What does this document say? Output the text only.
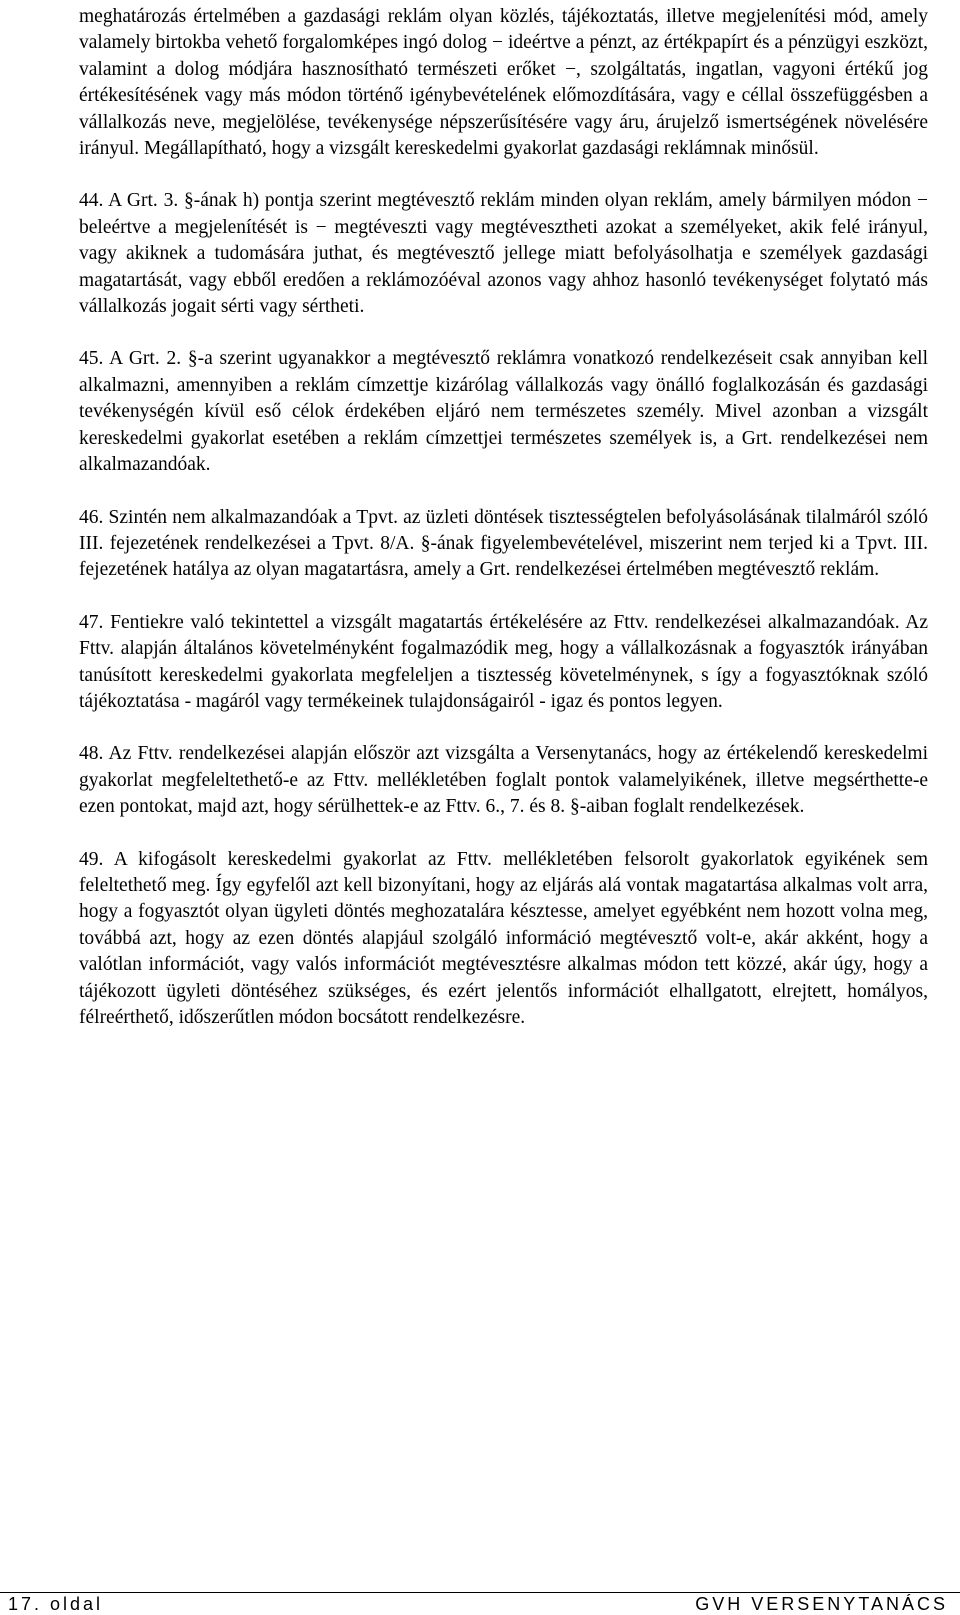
meghatározás értelmében a gazdasági reklám olyan közlés, tájékoztatás, illetve megjelenítési mód, amely valamely birtokba vehető forgalomképes ingó dolog − ideértve a pénzt, az értékpapírt és a pénzügyi eszközt, valamint a dolog módjára hasznosítható természeti erőket −, szolgáltatás, ingatlan, vagyoni értékű jog értékesítésének vagy más módon történő igénybevételének előmozdítására, vagy e céllal összefüggésben a vállalkozás neve, megjelölése, tevékenysége népszerűsítésére vagy áru, árujelző ismertségének növelésére irányul. Megállapítható, hogy a vizsgált kereskedelmi gyakorlat gazdasági reklámnak minősül.

44. A Grt. 3. §-ának h) pontja szerint megtévesztő reklám minden olyan reklám, amely bármilyen módon − beleértve a megjelenítését is − megtéveszti vagy megtévesztheti azokat a személyeket, akik felé irányul, vagy akiknek a tudomására juthat, és megtévesztő jellege miatt befolyásolhatja e személyek gazdasági magatartását, vagy ebből eredően a reklámozóéval azonos vagy ahhoz hasonló tevékenységet folytató más vállalkozás jogait sérti vagy sértheti.

45. A Grt. 2. §-a szerint ugyanakkor a megtévesztő reklámra vonatkozó rendelkezéseit csak annyiban kell alkalmazni, amennyiben a reklám címzettje kizárólag vállalkozás vagy önálló foglalkozásán és gazdasági tevékenységén kívül eső célok érdekében eljáró nem természetes személy. Mivel azonban a vizsgált kereskedelmi gyakorlat esetében a reklám címzettjei természetes személyek is, a Grt. rendelkezései nem alkalmazandóak.

46. Szintén nem alkalmazandóak a Tpvt. az üzleti döntések tisztességtelen befolyásolásának tilalmáról szóló III. fejezetének rendelkezései a Tpvt. 8/A. §-ának figyelembevételével, miszerint nem terjed ki a Tpvt. III. fejezetének hatálya az olyan magatartásra, amely a Grt. rendelkezései értelmében megtévesztő reklám.

47. Fentiekre való tekintettel a vizsgált magatartás értékelésére az Fttv. rendelkezései alkalmazandóak. Az Fttv. alapján általános követelményként fogalmazódik meg, hogy a vállalkozásnak a fogyasztók irányában tanúsított kereskedelmi gyakorlata megfeleljen a tisztesség követelménynek, s így a fogyasztóknak szóló tájékoztatása - magáról vagy termékeinek tulajdonságairól - igaz és pontos legyen.

48. Az Fttv. rendelkezései alapján először azt vizsgálta a Versenytanács, hogy az értékelendő kereskedelmi gyakorlat megfeleltethető-e az Fttv. mellékletében foglalt pontok valamelyikének, illetve megsérthette-e ezen pontokat, majd azt, hogy sérülhettek-e az Fttv. 6., 7. és 8. §-aiban foglalt rendelkezések.

49. A kifogásolt kereskedelmi gyakorlat az Fttv. mellékletében felsorolt gyakorlatok egyikének sem feleltethető meg. Így egyfelől azt kell bizonyítani, hogy az eljárás alá vontak magatartása alkalmas volt arra, hogy a fogyasztót olyan ügyleti döntés meghozatalára késztesse, amelyet egyébként nem hozott volna meg, továbbá azt, hogy az ezen döntés alapjául szolgáló információ megtévesztő volt-e, akár akként, hogy a valótlan információt, vagy valós információt megtévesztésre alkalmas módon tett közzé, akár úgy, hogy a tájékozott ügyleti döntéséhez szükséges, és ezért jelentős információt elhallgatott, elrejtett, homályos, félreérthető, időszerűtlen módon bocsátott rendelkezésre.

17. oldal	GVH VERSENYTANÁCS
